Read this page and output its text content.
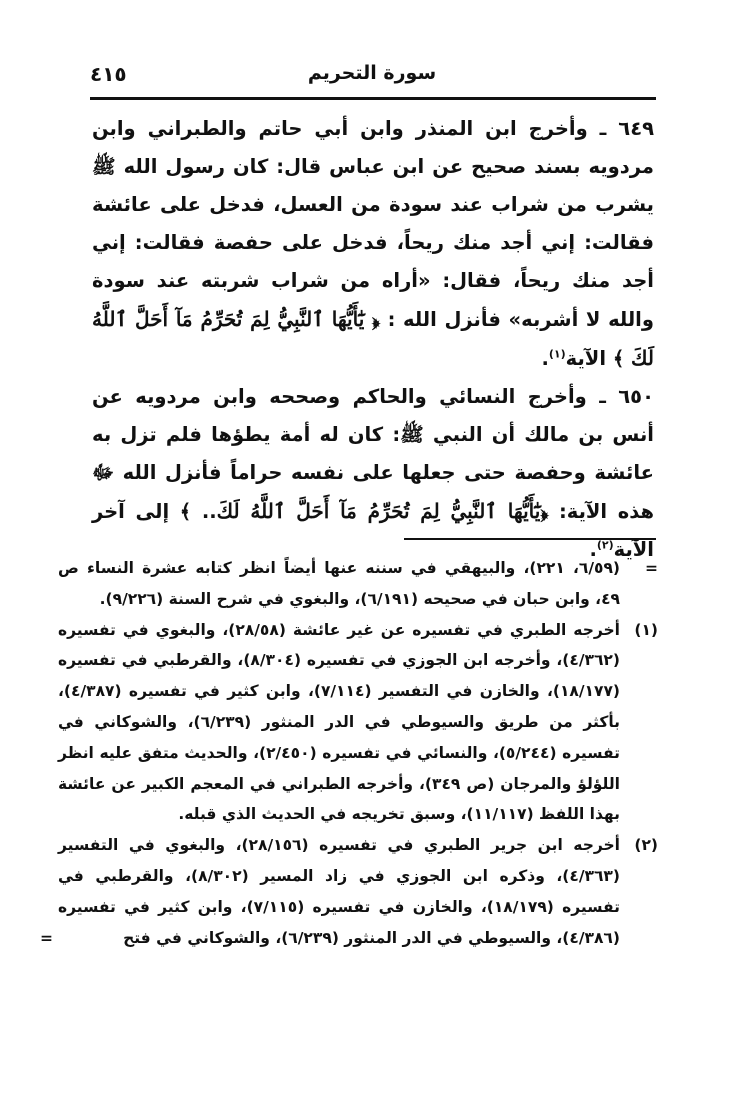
سورة التحريم
٤١٥

٦٤٩ ـ وأخرج ابن المنذر وابن أبي حاتم والطبراني وابن مردويه بسند صحيح عن ابن عباس قال: كان رسول الله ﷺ يشرب من شراب عند سودة من العسل، فدخل على عائشة فقالت: إني أجد منك ريحاً، فدخل على حفصة فقالت: إني أجد منك ريحاً، فقال: «أراه من شراب شربته عند سودة والله لا أشربه» فأنزل الله : ﴿ يَٰٓأَيُّهَا ٱلنَّبِيُّ لِمَ تُحَرِّمُ مَآ أَحَلَّ ٱللَّهُ لَكَ ﴾ الآية$^{(١)}$.

٦٥٠ ـ وأخرج النسائي والحاكم وصححه وابن مردويه عن أنس بن مالك أن النبي ﷺ: كان له أمة يطؤها فلم تزل به عائشة وحفصة حتى جعلها على نفسه حراماً فأنزل الله ﷻ هذه الآية: ﴿يَٰٓأَيُّهَا ٱلنَّبِيُّ لِمَ تُحَرِّمُ مَآ أَحَلَّ ٱللَّهُ لَكَ.. ﴾ إلى آخر الآية$^{(٢)}$.

=
(٦/٥٩، ٢٢١)، والبيهقي في سننه عنها أيضاً انظر كتابه عشرة النساء ص ٤٩، وابن حبان في صحيحه (٦/١٩١)، والبغوي في شرح السنة (٩/٢٢٦).
(١)
أخرجه الطبري في تفسيره عن غير عائشة (٢٨/٥٨)، والبغوي في تفسيره (٤/٣٦٢)، وأخرجه ابن الجوزي في تفسيره (٨/٣٠٤)، والقرطبي في تفسيره (١٨/١٧٧)، والخازن في التفسير (٧/١١٤)، وابن كثير في تفسيره (٤/٣٨٧)، بأكثر من طريق والسيوطي في الدر المنثور (٦/٢٣٩)، والشوكاني في تفسيره (٥/٢٤٤)، والنسائي في تفسيره (٢/٤٥٠)، والحديث متفق عليه انظر اللؤلؤ والمرجان (ص ٣٤٩)، وأخرجه الطبراني في المعجم الكبير عن عائشة بهذا اللفظ (١١/١١٧)، وسبق تخريجه في الحديث الذي قبله.
(٢)
أخرجه ابن جرير الطبري في تفسيره (٢٨/١٥٦)، والبغوي في التفسير (٤/٣٦٣)، وذكره ابن الجوزي في زاد المسير (٨/٣٠٢)، والقرطبي في تفسيره (١٨/١٧٩)، والخازن في تفسيره (٧/١١٥)، وابن كثير في تفسيره (٤/٣٨٦)، والسيوطي في الدر المنثور (٦/٢٣٩)، والشوكاني في فتح
=
